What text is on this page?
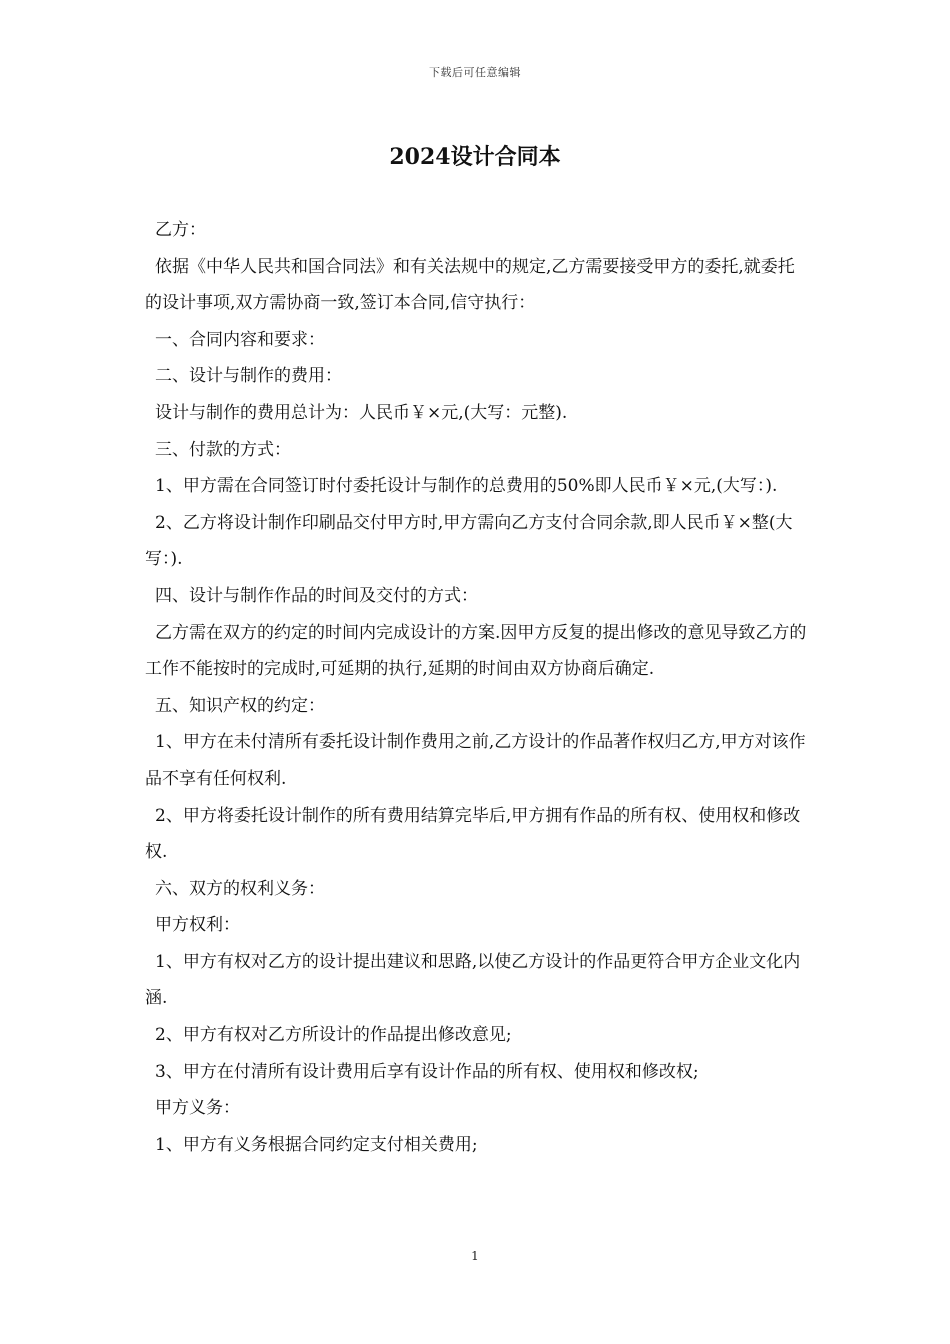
下载后可任意编辑
2024设计合同本

乙方：

依据《中华人民共和国合同法》和有关法规中的规定,乙方需要接受甲方的委托,就委托的设计事项,双方需协商一致,签订本合同,信守执行：

一、合同内容和要求：

二、设计与制作的费用：

设计与制作的费用总计为：人民币￥×元,(大写：元整).

三、付款的方式：

1、甲方需在合同签订时付委托设计与制作的总费用的50%即人民币￥×元,(大写：).

2、乙方将设计制作印刷品交付甲方时,甲方需向乙方支付合同余款,即人民币￥×整(大写：).

四、设计与制作作品的时间及交付的方式：

乙方需在双方的约定的时间内完成设计的方案.因甲方反复的提出修改的意见导致乙方的工作不能按时的完成时,可延期的执行,延期的时间由双方协商后确定.

五、知识产权的约定：

1、甲方在未付清所有委托设计制作费用之前,乙方设计的作品著作权归乙方,甲方对该作品不享有任何权利.

2、甲方将委托设计制作的所有费用结算完毕后,甲方拥有作品的所有权、使用权和修改权.

六、双方的权利义务：

甲方权利：

1、甲方有权对乙方的设计提出建议和思路,以使乙方设计的作品更符合甲方企业文化内涵.

2、甲方有权对乙方所设计的作品提出修改意见;

3、甲方在付清所有设计费用后享有设计作品的所有权、使用权和修改权;

甲方义务：

1、甲方有义务根据合同约定支付相关费用;

1
